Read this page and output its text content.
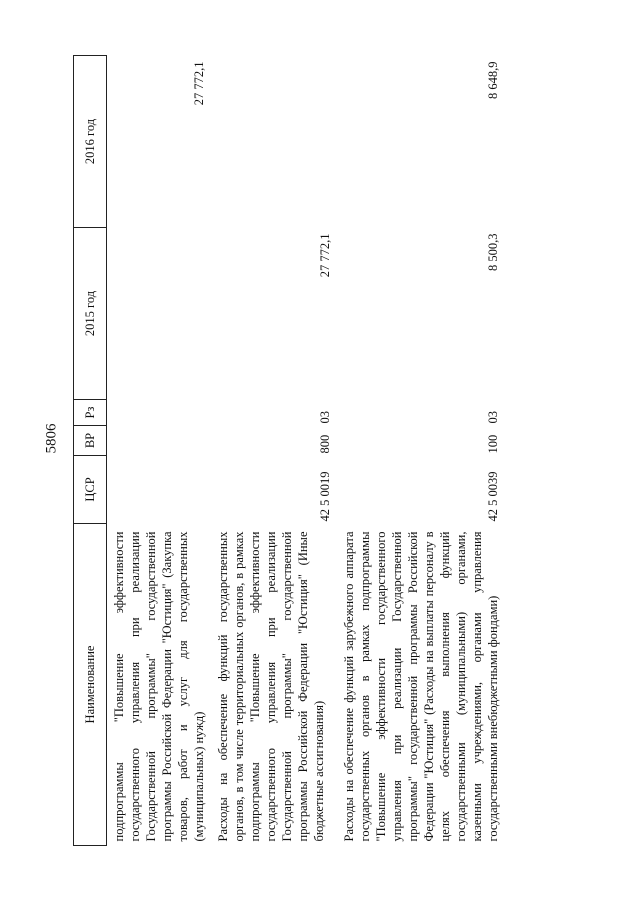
5806
Наименование	ЦСР	ВР	Рз	2015 год	2016 год
подпрограммы "Повышение эффективности государственного управления при реализации Государственной программы" государственной программы Российской Федерации "Юстиция" (Закупка товаров, работ и услуг для государственных (муниципальных) нужд)					27 772,1
Расходы на обеспечение функций государственных органов, в том числе территориальных органов, в рамках подпрограммы "Повышение эффективности государственного управления при реализации Государственной программы" государственной программы Российской Федерации "Юстиция" (Иные бюджетные ассигнования)	42 5 0019	800	03	27 772,1	
Расходы на обеспечение функций зарубежного аппарата государственных органов в рамках подпрограммы "Повышение эффективности государственного управления при реализации Государственной программы" государственной программы Российской Федерации "Юстиция" (Расходы на выплаты персоналу в целях обеспечения выполнения функций государственными (муниципальными) органами, казенными учреждениями, органами управления государственными внебюджетными фондами)	42 5 0039	100	03	8 500,3	8 648,9
